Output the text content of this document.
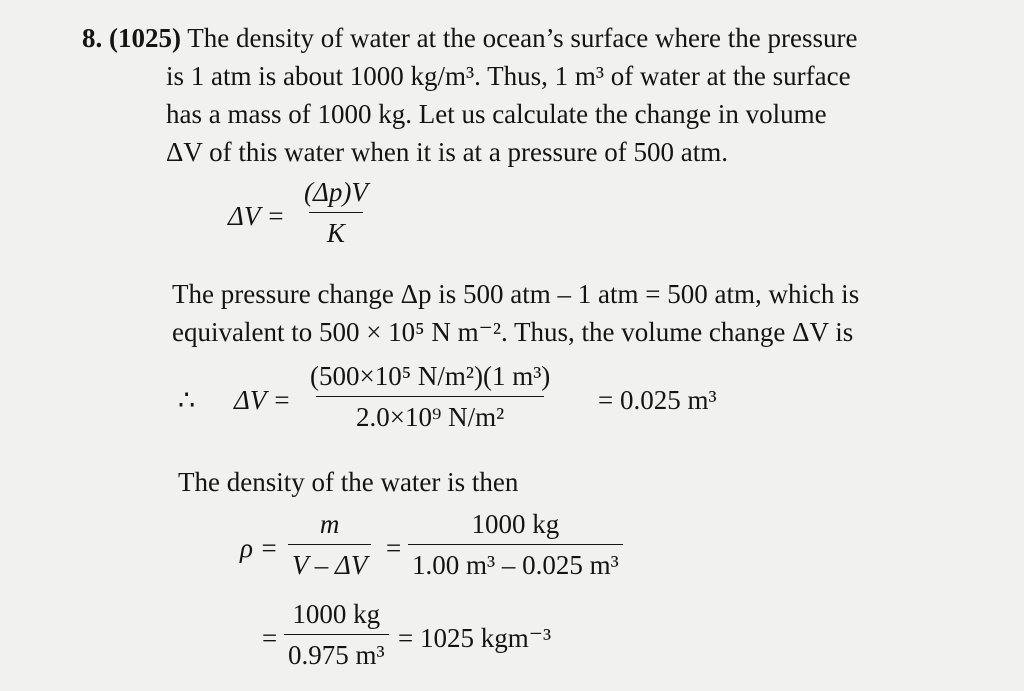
8. (1025) The density of water at the ocean’s surface where the pressure
is 1 atm is about 1000 kg/m³. Thus, 1 m³ of water at the surface
has a mass of 1000 kg. Let us calculate the change in volume
ΔV of this water when it is at a pressure of 500 atm.
$\Delta V = \frac{(\Delta p)V}{K}$
The pressure change Δp is 500 atm – 1 atm = 500 atm, which is
equivalent to 500 × 10⁵ N m⁻². Thus, the volume change ΔV is
∴ $\Delta V = \frac{\text{(500×10⁵ N/m²)(1 m³)}}{\text{2.0×10⁹ N/m²}} = 0.025$ m³
The density of the water is then
$\rho = \frac{m}{V - \Delta V} = \frac{1000 kg}{\text{1.00 m³ – 0.025 m³}}$
= $\frac{1000 kg}{\text{0.975 m³}} = 1025$ kgm⁻³
